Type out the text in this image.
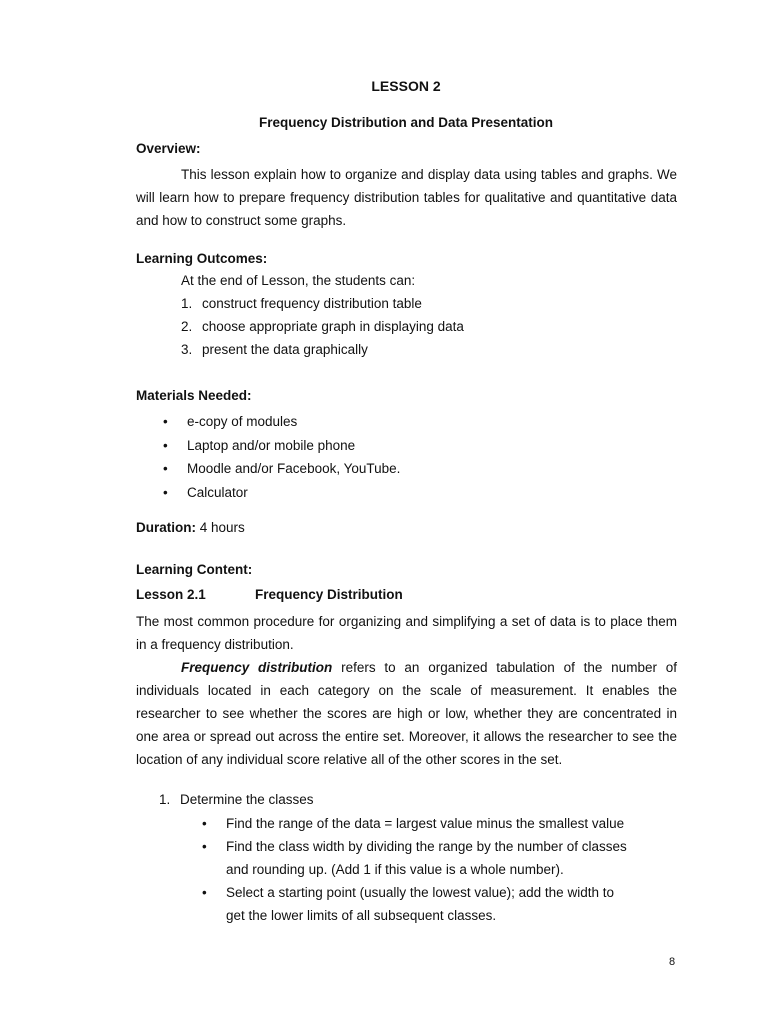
LESSON 2
Frequency Distribution and Data Presentation
Overview:
This lesson explain how to organize and display data using tables and graphs. We will learn how to prepare frequency distribution tables for qualitative and quantitative data and how to construct some graphs.
Learning Outcomes:
At the end of Lesson, the students can:
1. construct frequency distribution table
2. choose appropriate graph in displaying data
3. present the data graphically
Materials Needed:
• e-copy of modules
• Laptop and/or mobile phone
• Moodle and/or Facebook, YouTube.
• Calculator
Duration: 4 hours
Learning Content:
Lesson 2.1	Frequency Distribution
The most common procedure for organizing and simplifying a set of data is to place them in a frequency distribution.
Frequency distribution refers to an organized tabulation of the number of individuals located in each category on the scale of measurement. It enables the researcher to see whether the scores are high or low, whether they are concentrated in one area or spread out across the entire set. Moreover, it allows the researcher to see the location of any individual score relative all of the other scores in the set.
1. Determine the classes
• Find the range of the data = largest value minus the smallest value
• Find the class width by dividing the range by the number of classes
and rounding up. (Add 1 if this value is a whole number).
• Select a starting point (usually the lowest value); add the width to
get the lower limits of all subsequent classes.
8
